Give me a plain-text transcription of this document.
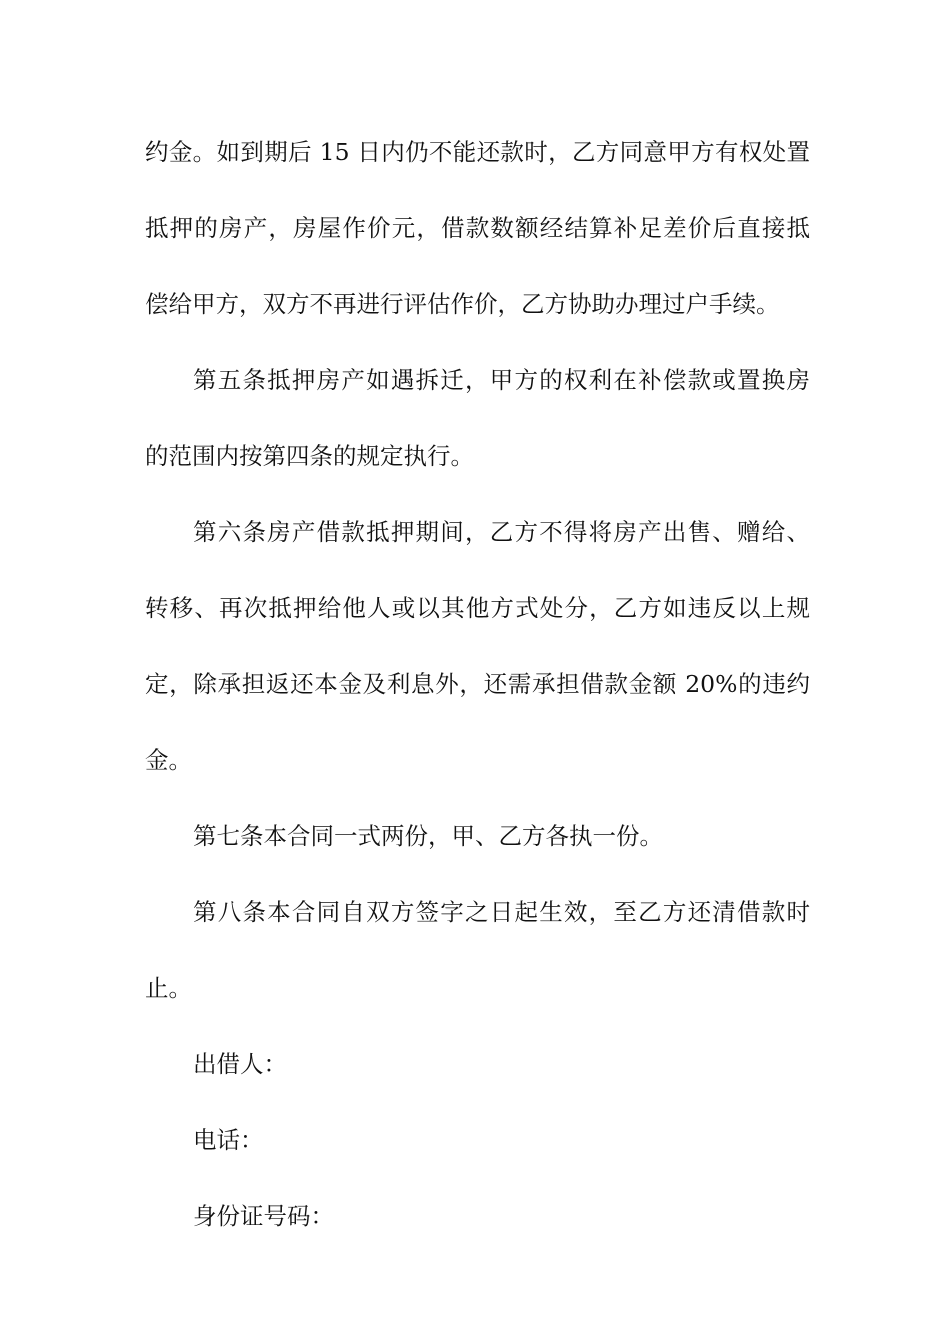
约金。如到期后 15 日内仍不能还款时，乙方同意甲方有权处置
抵押的房产，房屋作价元，借款数额经结算补足差价后直接抵
偿给甲方，双方不再进行评估作价，乙方协助办理过户手续。
第五条抵押房产如遇拆迁，甲方的权利在补偿款或置换房
的范围内按第四条的规定执行。
第六条房产借款抵押期间，乙方不得将房产出售、赠给、
转移、再次抵押给他人或以其他方式处分，乙方如违反以上规
定，除承担返还本金及利息外，还需承担借款金额 20%的违约
金。
第七条本合同一式两份，甲、乙方各执一份。
第八条本合同自双方签字之日起生效，至乙方还清借款时
止。
出借人：
电话：
身份证号码：
